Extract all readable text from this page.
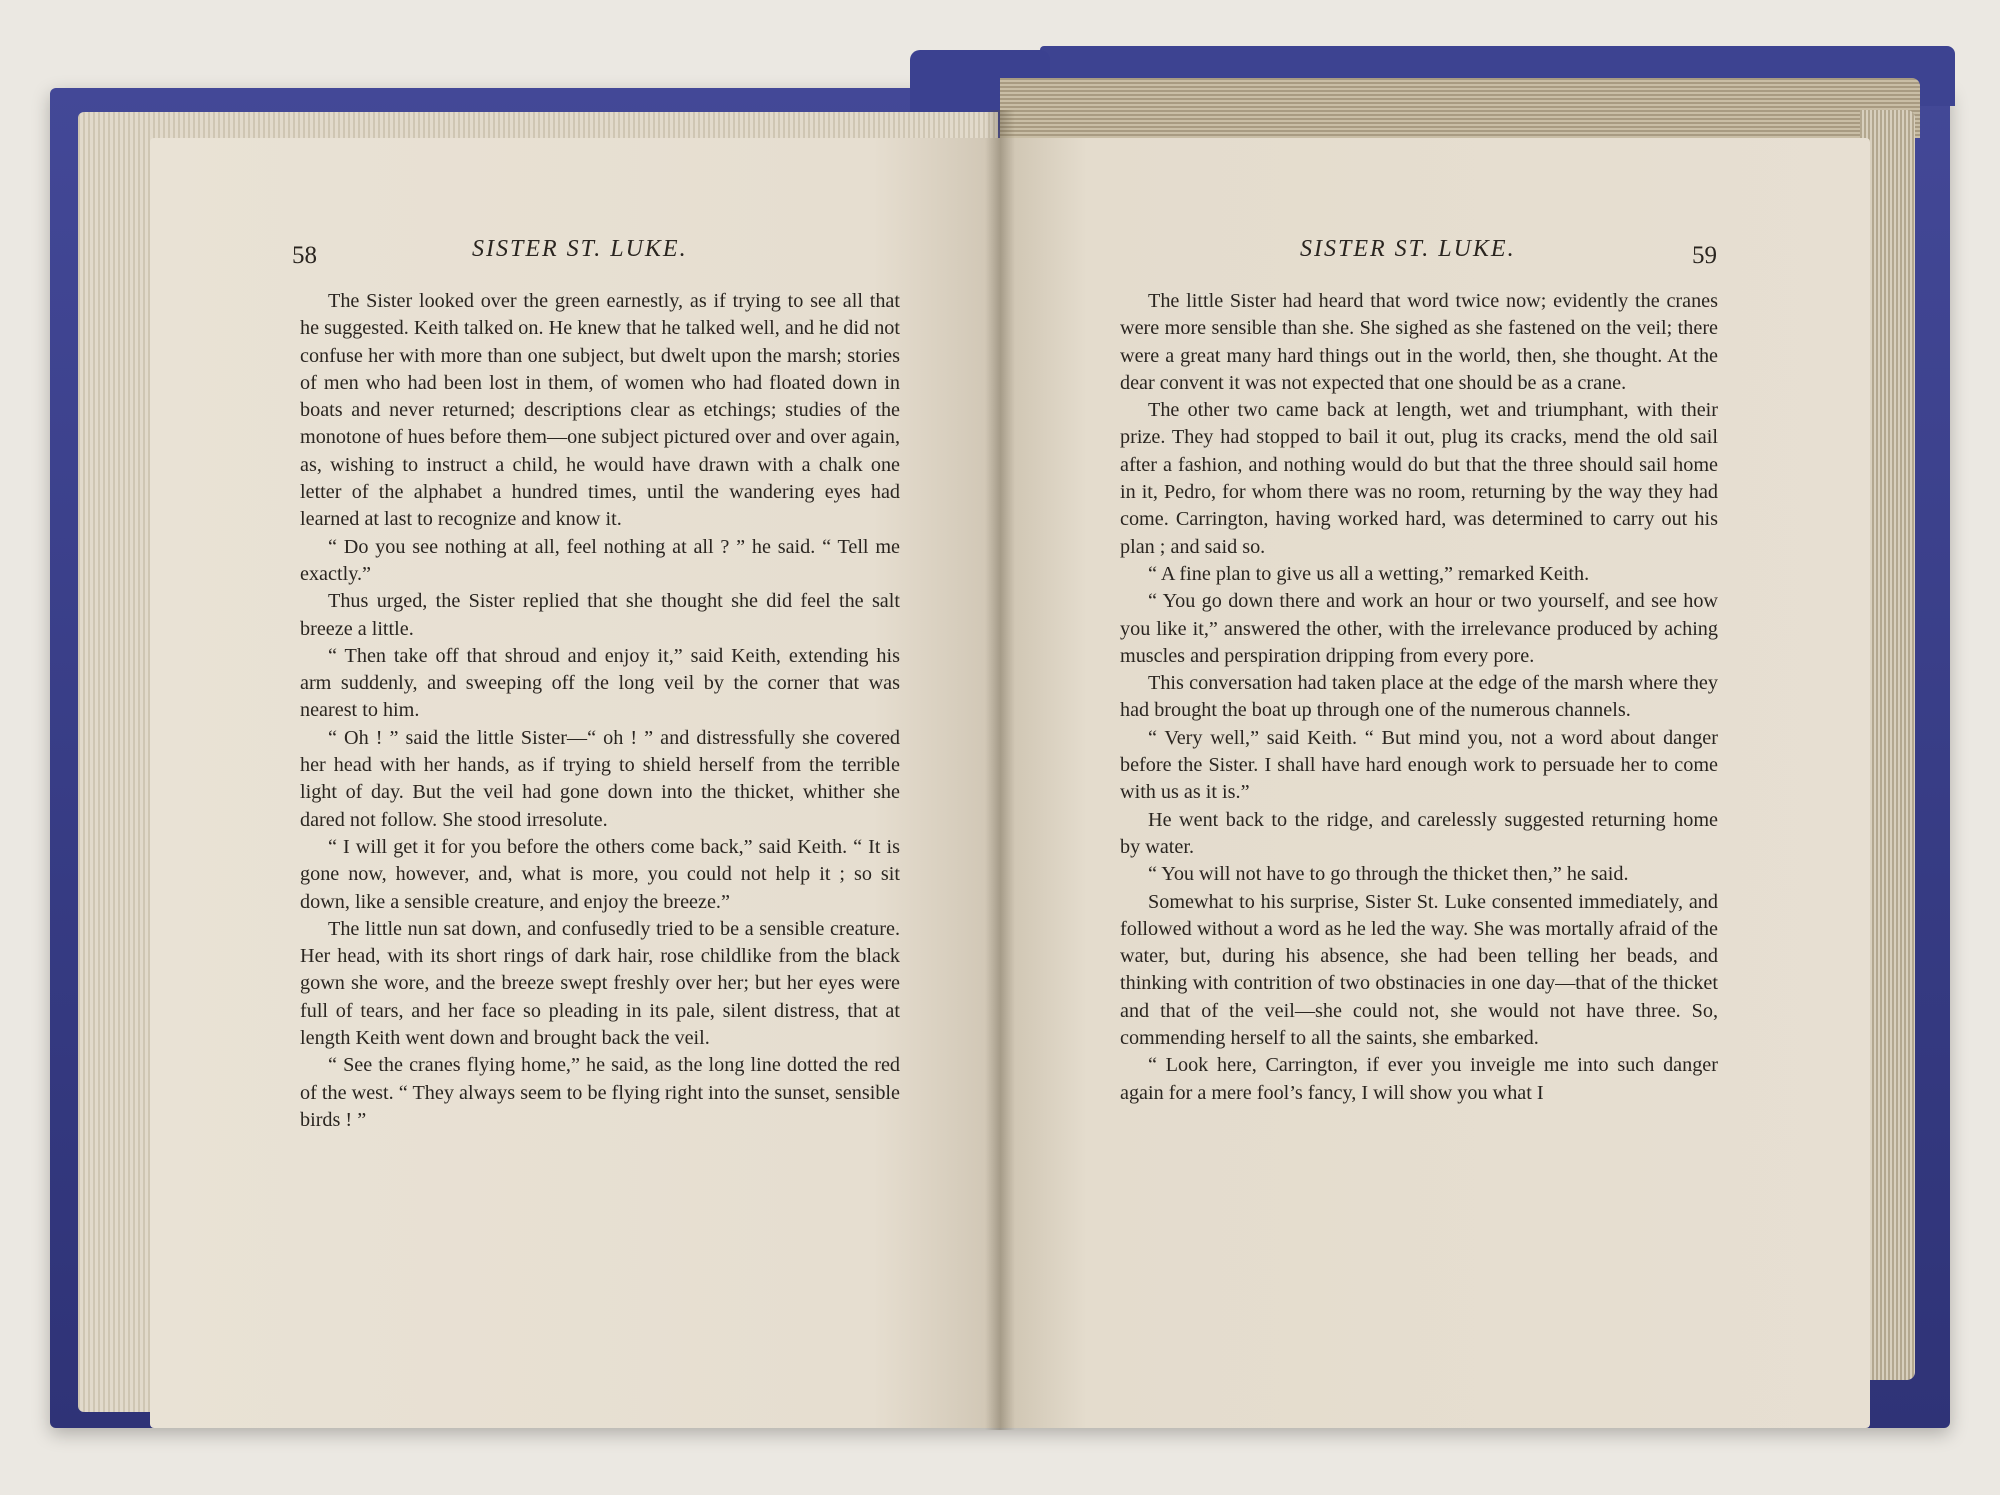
58	SISTER ST. LUKE.

The Sister looked over the green earnestly, as if trying to see all that he suggested. Keith talked on. He knew that he talked well, and he did not confuse her with more than one subject, but dwelt upon the marsh; stories of men who had been lost in them, of women who had floated down in boats and never returned; descriptions clear as etchings; studies of the monotone of hues before them—one subject pictured over and over again, as, wishing to instruct a child, he would have drawn with a chalk one letter of the alphabet a hundred times, until the wandering eyes had learned at last to recognize and know it.

“ Do you see nothing at all, feel nothing at all ? ” he said. “ Tell me exactly.”

Thus urged, the Sister replied that she thought she did feel the salt breeze a little.

“ Then take off that shroud and enjoy it,” said Keith, extending his arm suddenly, and sweeping off the long veil by the corner that was nearest to him.

“ Oh ! ” said the little Sister—“ oh ! ” and distressfully she covered her head with her hands, as if trying to shield herself from the terrible light of day. But the veil had gone down into the thicket, whither she dared not follow. She stood irresolute.

“ I will get it for you before the others come back,” said Keith. “ It is gone now, however, and, what is more, you could not help it ; so sit down, like a sensible creature, and enjoy the breeze.”

The little nun sat down, and confusedly tried to be a sensible creature. Her head, with its short rings of dark hair, rose childlike from the black gown she wore, and the breeze swept freshly over her; but her eyes were full of tears, and her face so pleading in its pale, silent distress, that at length Keith went down and brought back the veil.

“ See the cranes flying home,” he said, as the long line dotted the red of the west. “ They always seem to be flying right into the sunset, sensible birds ! ”

SISTER ST. LUKE.	59

The little Sister had heard that word twice now; evidently the cranes were more sensible than she. She sighed as she fastened on the veil; there were a great many hard things out in the world, then, she thought. At the dear convent it was not expected that one should be as a crane.

The other two came back at length, wet and triumphant, with their prize. They had stopped to bail it out, plug its cracks, mend the old sail after a fashion, and nothing would do but that the three should sail home in it, Pedro, for whom there was no room, returning by the way they had come. Carrington, having worked hard, was determined to carry out his plan ; and said so.

“ A fine plan to give us all a wetting,” remarked Keith.

“ You go down there and work an hour or two yourself, and see how you like it,” answered the other, with the irrelevance produced by aching muscles and perspiration dripping from every pore.

This conversation had taken place at the edge of the marsh where they had brought the boat up through one of the numerous channels.

“ Very well,” said Keith. “ But mind you, not a word about danger before the Sister. I shall have hard enough work to persuade her to come with us as it is.”

He went back to the ridge, and carelessly suggested returning home by water.

“ You will not have to go through the thicket then,” he said.

Somewhat to his surprise, Sister St. Luke consented immediately, and followed without a word as he led the way. She was mortally afraid of the water, but, during his absence, she had been telling her beads, and thinking with contrition of two obstinacies in one day—that of the thicket and that of the veil—she could not, she would not have three. So, commending herself to all the saints, she embarked.

“ Look here, Carrington, if ever you inveigle me into such danger again for a mere fool’s fancy, I will show you what I
